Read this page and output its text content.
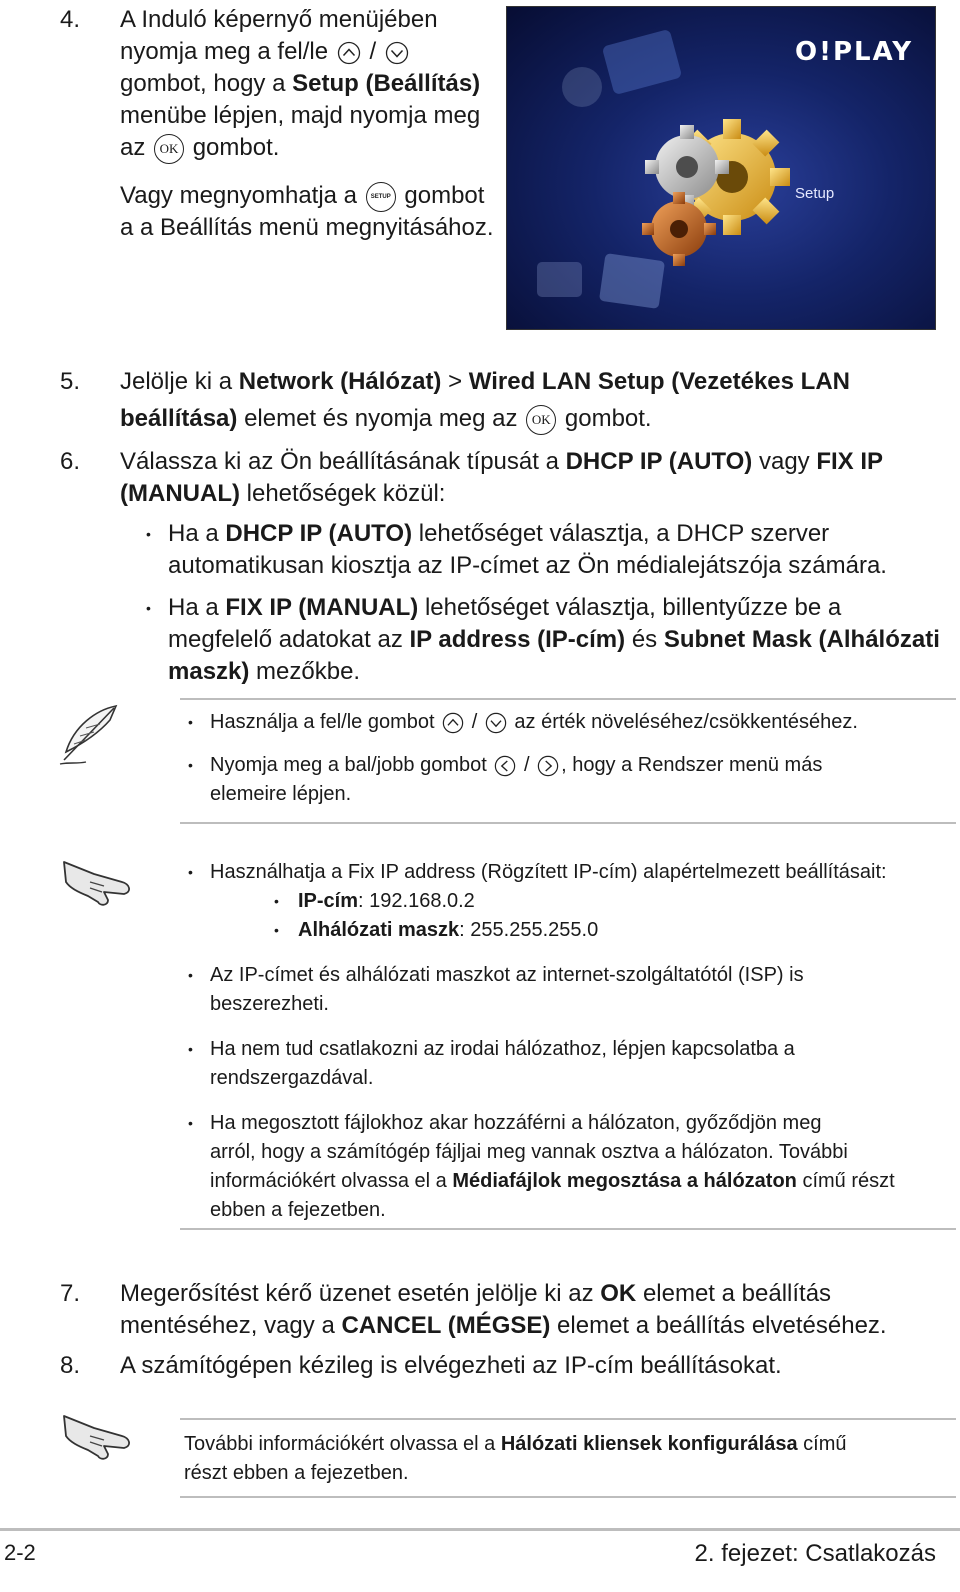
4. A Induló képernyő menüjében
nyomja meg a fel/le /
gombot, hogy a Setup (Beállítás)
menübe lépjen, majd nyomja meg
az OK gombot.
Vagy megnyomhatja a SETUP gombot
a a Beállítás menü megnyitásához.
O!PLAY
Setup
5. Jelölje ki a Network (Hálózat) > Wired LAN Setup (Vezetékes LAN
beállítása) elemet és nyomja meg az OK gombot.
6. Válassza ki az Ön beállításának típusát a DHCP IP (AUTO) vagy FIX IP
(MANUAL) lehetőségek közül:
• Ha a DHCP IP (AUTO) lehetőséget választja, a DHCP szerver
automatikusan kiosztja az IP-címet az Ön médialejátszója számára.
• Ha a FIX IP (MANUAL) lehetőséget választja, billentyűzze be a
megfelelő adatokat az IP address (IP-cím) és Subnet Mask (Alhálózati
maszk) mezőkbe.
• Használja a fel/le gombot / az érték növeléséhez/csökkentéséhez.
• Nyomja meg a bal/jobb gombot / , hogy a Rendszer menü más
elemeire lépjen.
• Használhatja a Fix IP address (Rögzített IP-cím) alapértelmezett beállításait:
• IP-cím: 192.168.0.2
• Alhálózati maszk: 255.255.255.0
• Az IP-címet és alhálózati maszkot az internet-szolgáltatótól (ISP) is
beszerezheti.
• Ha nem tud csatlakozni az irodai hálózathoz, lépjen kapcsolatba a
rendszergazdával.
• Ha megosztott fájlokhoz akar hozzáférni a hálózaton, győződjön meg
arról, hogy a számítógép fájljai meg vannak osztva a hálózaton. További
információkért olvassa el a Médiafájlok megosztása a hálózaton című részt
ebben a fejezetben.
7. Megerősítést kérő üzenet esetén jelölje ki az OK elemet a beállítás
mentéséhez, vagy a CANCEL (MÉGSE) elemet a beállítás elvetéséhez.
8. A számítógépen kézileg is elvégezheti az IP-cím beállításokat.
További információkért olvassa el a Hálózati kliensek konfigurálása című
részt ebben a fejezetben.
2-2	2. fejezet: Csatlakozás
